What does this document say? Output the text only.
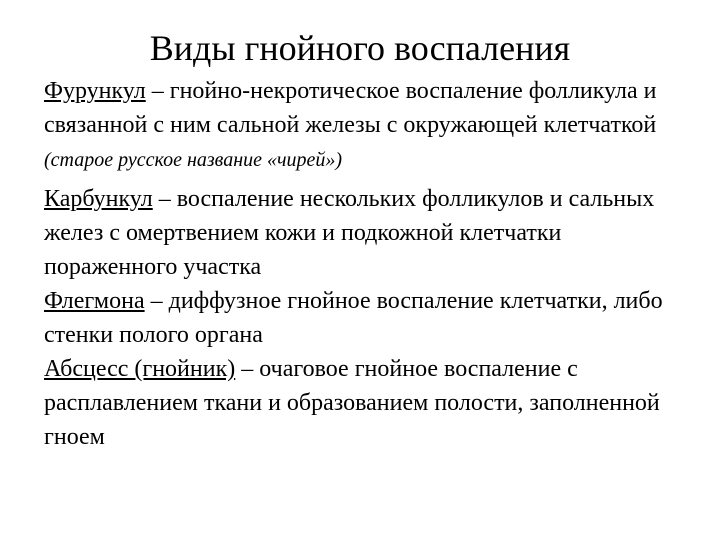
Виды гнойного воспаления

Фурункул – гнойно-некротическое воспаление фолликула и связанной с ним сальной железы с окружающей клетчаткой (старое русское название «чирей»)

Карбункул – воспаление нескольких фолликулов и сальных желез с омертвением кожи и подкожной клетчатки пораженного участка

Флегмона – диффузное гнойное воспаление клетчатки, либо стенки полого органа

Абсцесс (гнойник) – очаговое гнойное воспаление с расплавлением ткани и образованием полости, заполненной гноем
